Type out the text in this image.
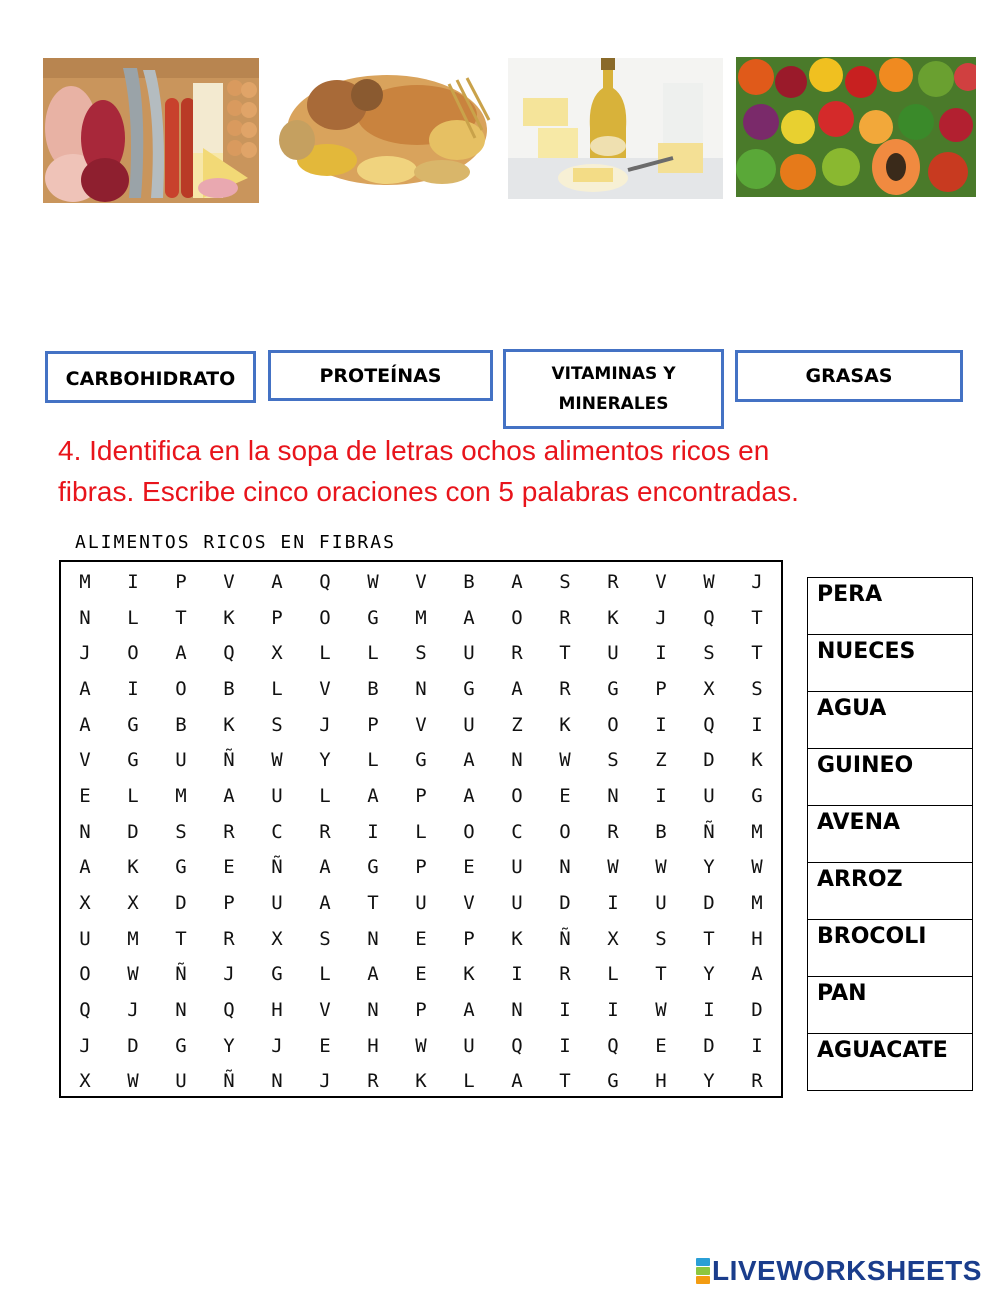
CARBOHIDRATO	PROTEÍNAS	VITAMINAS Y
MINERALES
GRASAS
4. Identifica en la sopa de letras ochos alimentos ricos en
fibras. Escribe cinco oraciones con 5 palabras encontradas.
ALIMENTOS RICOS EN FIBRAS
M	I	P	V	A	Q	W	V	B	A	S	R	V	W	J
N	L	T	K	P	O	G	M	A	O	R	K	J	Q	T
J	O	A	Q	X	L	L	S	U	R	T	U	I	S	T
A	I	O	B	L	V	B	N	G	A	R	G	P	X	S
A	G	B	K	S	J	P	V	U	Z	K	O	I	Q	I
V	G	U	Ñ	W	Y	L	G	A	N	W	S	Z	D	K
E	L	M	A	U	L	A	P	A	O	E	N	I	U	G
N	D	S	R	C	R	I	L	O	C	O	R	B	Ñ	M
A	K	G	E	Ñ	A	G	P	E	U	N	W	W	Y	W
X	X	D	P	U	A	T	U	V	U	D	I	U	D	M
U	M	T	R	X	S	N	E	P	K	Ñ	X	S	T	H
O	W	Ñ	J	G	L	A	E	K	I	R	L	T	Y	A
Q	J	N	Q	H	V	N	P	A	N	I	I	W	I	D
J	D	G	Y	J	E	H	W	U	Q	I	Q	E	D	I
X	W	U	Ñ	N	J	R	K	L	A	T	G	H	Y	R
PERA
NUECES
AGUA
GUINEO
AVENA
ARROZ
BROCOLI
PAN
AGUACATE
LIVEWORKSHEETS
